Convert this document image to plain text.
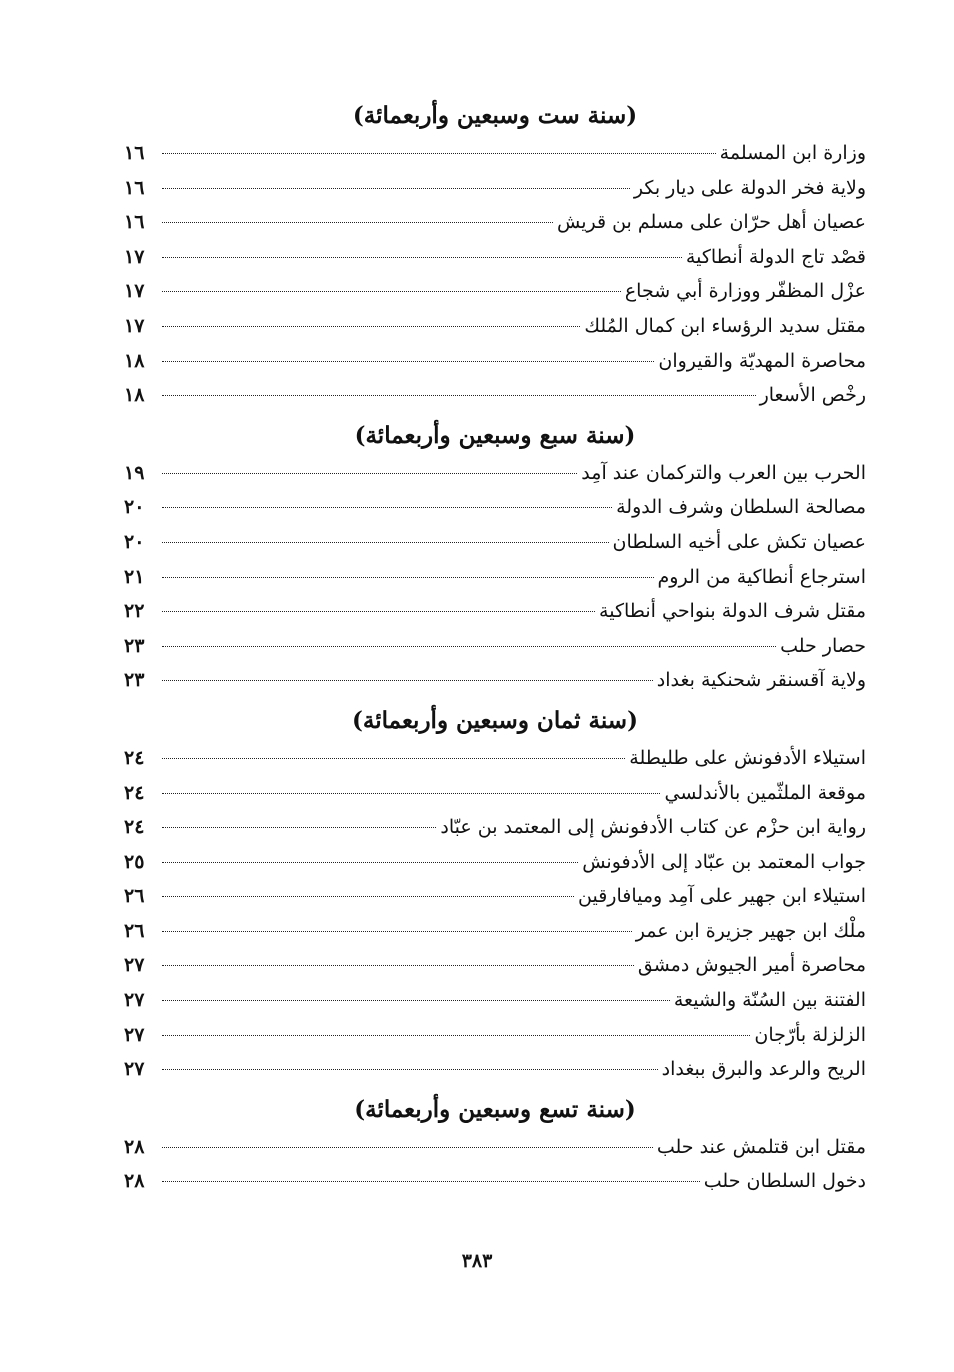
(سنة ست وسبعين وأربعمائة)
وزارة ابن المسلمة
١٦
ولاية فخر الدولة على ديار بكر
١٦
عصيان أهل حرّان على مسلم بن قريش
١٦
قصْد تاج الدولة أنطاكية
١٧
عزْل المظفّر ووزارة أبي شجاع
١٧
مقتل سديد الرؤساء ابن كمال المُلك
١٧
محاصرة المهديّة والقيروان
١٨
رخْص الأسعار
١٨
(سنة سبع وسبعين وأربعمائة)
الحرب بين العرب والتركمان عند آمِد
١٩
مصالحة السلطان وشرف الدولة
٢٠
عصيان تكش على أخيه السلطان
٢٠
استرجاع أنطاكية من الروم
٢١
مقتل شرف الدولة بنواحي أنطاكية
٢٢
حصار حلب
٢٣
ولاية آقسنقر شحنكية بغداد
٢٣
(سنة ثمان وسبعين وأربعمائة)
استيلاء الأدفونش على طليطلة
٢٤
موقعة الملثّمين بالأندلسي
٢٤
رواية ابن حزْم عن كتاب الأدفونش إلى المعتمد بن عبّاد
٢٤
جواب المعتمد بن عبّاد إلى الأدفونش
٢٥
استيلاء ابن جهير على آمِد وميافارقين
٢٦
ملْك ابن جهير جزيرة ابن عمر
٢٦
محاصرة أمير الجيوش دمشق
٢٧
الفتنة بين السُنّة والشيعة
٢٧
الزلزلة بأرّجان
٢٧
الريح والرعد والبرق ببغداد
٢٧
(سنة تسع وسبعين وأربعمائة)
مقتل ابن قتلمش عند حلب
٢٨
دخول السلطان حلب
٢٨
٣٨٣
